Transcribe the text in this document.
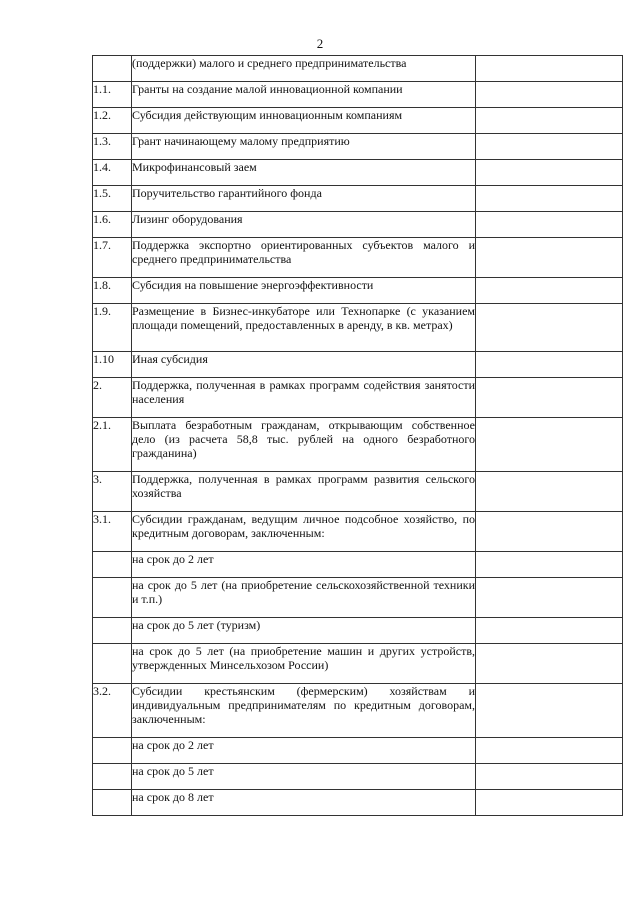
2
	(поддержки) малого и среднего предпринимательства	
1.1.	Гранты на создание малой инновационной компании	
1.2.	Субсидия действующим инновационным компаниям	
1.3.	Грант начинающему малому предприятию	
1.4.	Микрофинансовый заем	
1.5.	Поручительство гарантийного фонда	
1.6.	Лизинг оборудования	
1.7.	Поддержка экспортно ориентированных субъектов малого и среднего предпринимательства	
1.8.	Субсидия на повышение энергоэффективности	
1.9.	Размещение в Бизнес-инкубаторе или Технопарке (с указанием площади помещений, предоставленных в аренду, в кв. метрах)	
1.10	Иная субсидия	
2.	Поддержка, полученная в рамках программ содействия занятости населения	
2.1.	Выплата безработным гражданам, открывающим собственное дело (из расчета 58,8 тыс. рублей на одного безработного гражданина)	
3.	Поддержка, полученная в рамках программ развития сельского хозяйства	
3.1.	Субсидии гражданам, ведущим личное подсобное хозяйство, по кредитным договорам, заключенным:	
	на срок до 2 лет	
	на срок до 5 лет (на приобретение сельскохозяйственной техники и т.п.)	
	на срок до 5 лет (туризм)	
	на срок до 5 лет (на приобретение машин и других устройств, утвержденных Минсельхозом России)	
3.2.	Субсидии крестьянским (фермерским) хозяйствам и индивидуальным предпринимателям по кредитным договорам, заключенным:	
	на срок до 2 лет	
	на срок до 5 лет	
	на срок до 8 лет	
